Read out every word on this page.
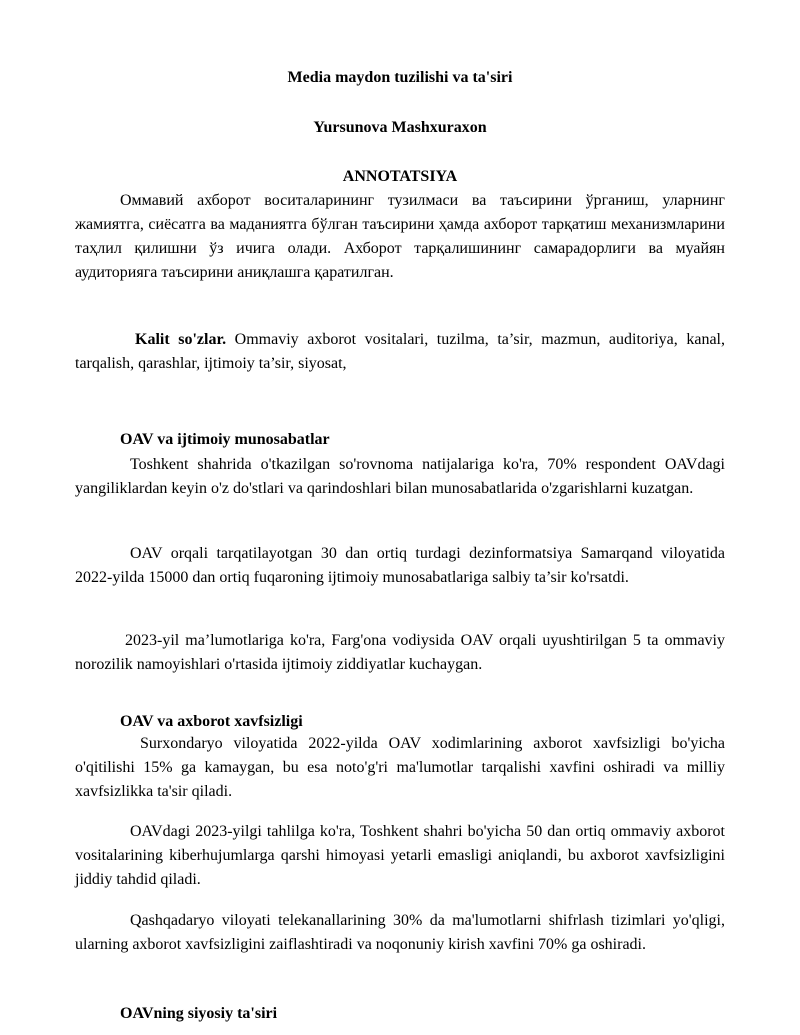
Media maydon tuzilishi va ta'siri
Yursunova Mashxuraxon
ANNOTATSIYA
Оммавий ахборот воситаларининг тузилмаси ва таъсирини ўрганиш, уларнинг жамиятга, сиёсатга ва маданиятга бўлган таъсирини ҳамда ахборот тарқатиш механизмларини таҳлил қилишни ўз ичига олади. Ахборот тарқалишининг самарадорлиги ва муайян аудиторияга таъсирини аниқлашга қаратилган.
Kalit so'zlar. Ommaviy axborot vositalari, tuzilma, ta’sir, mazmun, auditoriya, kanal, tarqalish, qarashlar, ijtimoiy ta’sir, siyosat,
OAV va ijtimoiy munosabatlar
Toshkent shahrida o'tkazilgan so'rovnoma natijalariga ko'ra, 70% respondent OAVdagi yangiliklardan keyin o'z do'stlari va qarindoshlari bilan munosabatlarida o'zgarishlarni kuzatgan.
OAV orqali tarqatilayotgan 30 dan ortiq turdagi dezinformatsiya Samarqand viloyatida 2022-yilda 15000 dan ortiq fuqaroning ijtimoiy munosabatlariga salbiy ta’sir ko'rsatdi.
2023-yil ma’lumotlariga ko'ra, Farg'ona vodiysida OAV orqali uyushtirilgan 5 ta ommaviy norozilik namoyishlari o'rtasida ijtimoiy ziddiyatlar kuchaygan.
OAV va axborot xavfsizligi
Surxondaryo viloyatida 2022-yilda OAV xodimlarining axborot xavfsizligi bo'yicha o'qitilishi 15% ga kamaygan, bu esa noto'g'ri ma'lumotlar tarqalishi xavfini oshiradi va milliy xavfsizlikka ta'sir qiladi.
OAVdagi 2023-yilgi tahlilga ko'ra, Toshkent shahri bo'yicha 50 dan ortiq ommaviy axborot vositalarining kiberhujumlarga qarshi himoyasi yetarli emasligi aniqlandi, bu axborot xavfsizligini jiddiy tahdid qiladi.
Qashqadaryo viloyati telekanallarining 30% da ma'lumotlarni shifrlash tizimlari yo'qligi, ularning axborot xavfsizligini zaiflashtiradi va noqonuniy kirish xavfini 70% ga oshiradi.
OAVning siyosiy ta'siri
